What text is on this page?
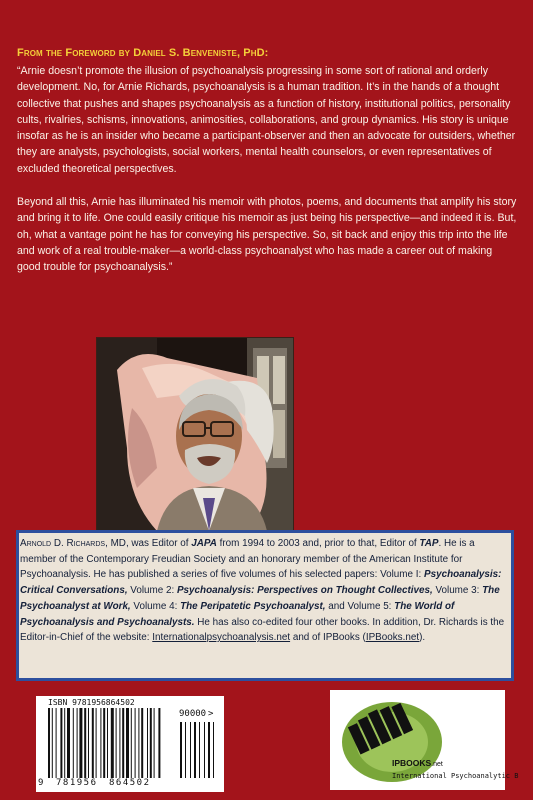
From the Foreword by Daniel S. Benveniste, PhD:

“Arnie doesn’t promote the illusion of psychoanalysis progressing in some sort of rational and orderly development. No, for Arnie Richards, psychoanalysis is a human tradition. It’s in the hands of a thought collective that pushes and shapes psychoanalysis as a function of history, institutional politics, personality cults, rivalries, schisms, innovations, animosities, collaborations, and group dynamics. His story is unique insofar as he is an insider who became a participant-observer and then an advocate for outsiders, whether they are analysts, psychologists, social workers, mental health counselors, or even representatives of excluded theoretical perspectives.

Beyond all this, Arnie has illuminated his memoir with photos, poems, and documents that amplify his story and bring it to life. One could easily critique his memoir as just being his perspective—and indeed it is. But, oh, what a vantage point he has for conveying his perspective. So, sit back and enjoy this trip into the life and work of a real trouble-maker—a world-class psychoanalyst who has made a career out of making good trouble for psychoanalysis.”

Arnold D. Richards, MD, was Editor of JAPA from 1994 to 2003 and, prior to that, Editor of TAP. He is a member of the Contemporary Freudian Society and an honorary member of the American Institute for Psychoanalysis. He has published a series of five volumes of his selected papers: Volume I: Psychoanalysis: Critical Conversations, Volume 2: Psychoanalysis: Perspectives on Thought Collectives, Volume 3: The Psychoanalyst at Work, Volume 4: The Peripatetic Psychoanalyst, and Volume 5: The World of Psychoanalysis and Psychoanalysts. He has also co-edited four other books. In addition, Dr. Richards is the Editor-in-Chief of the website: Internationalpsychoanalysis.net and of IPBooks (IPBooks.net).
ISBN 9781956864502
90000 >
9 781956 864502
IPBOOKS.net
International Psychoanalytic B
